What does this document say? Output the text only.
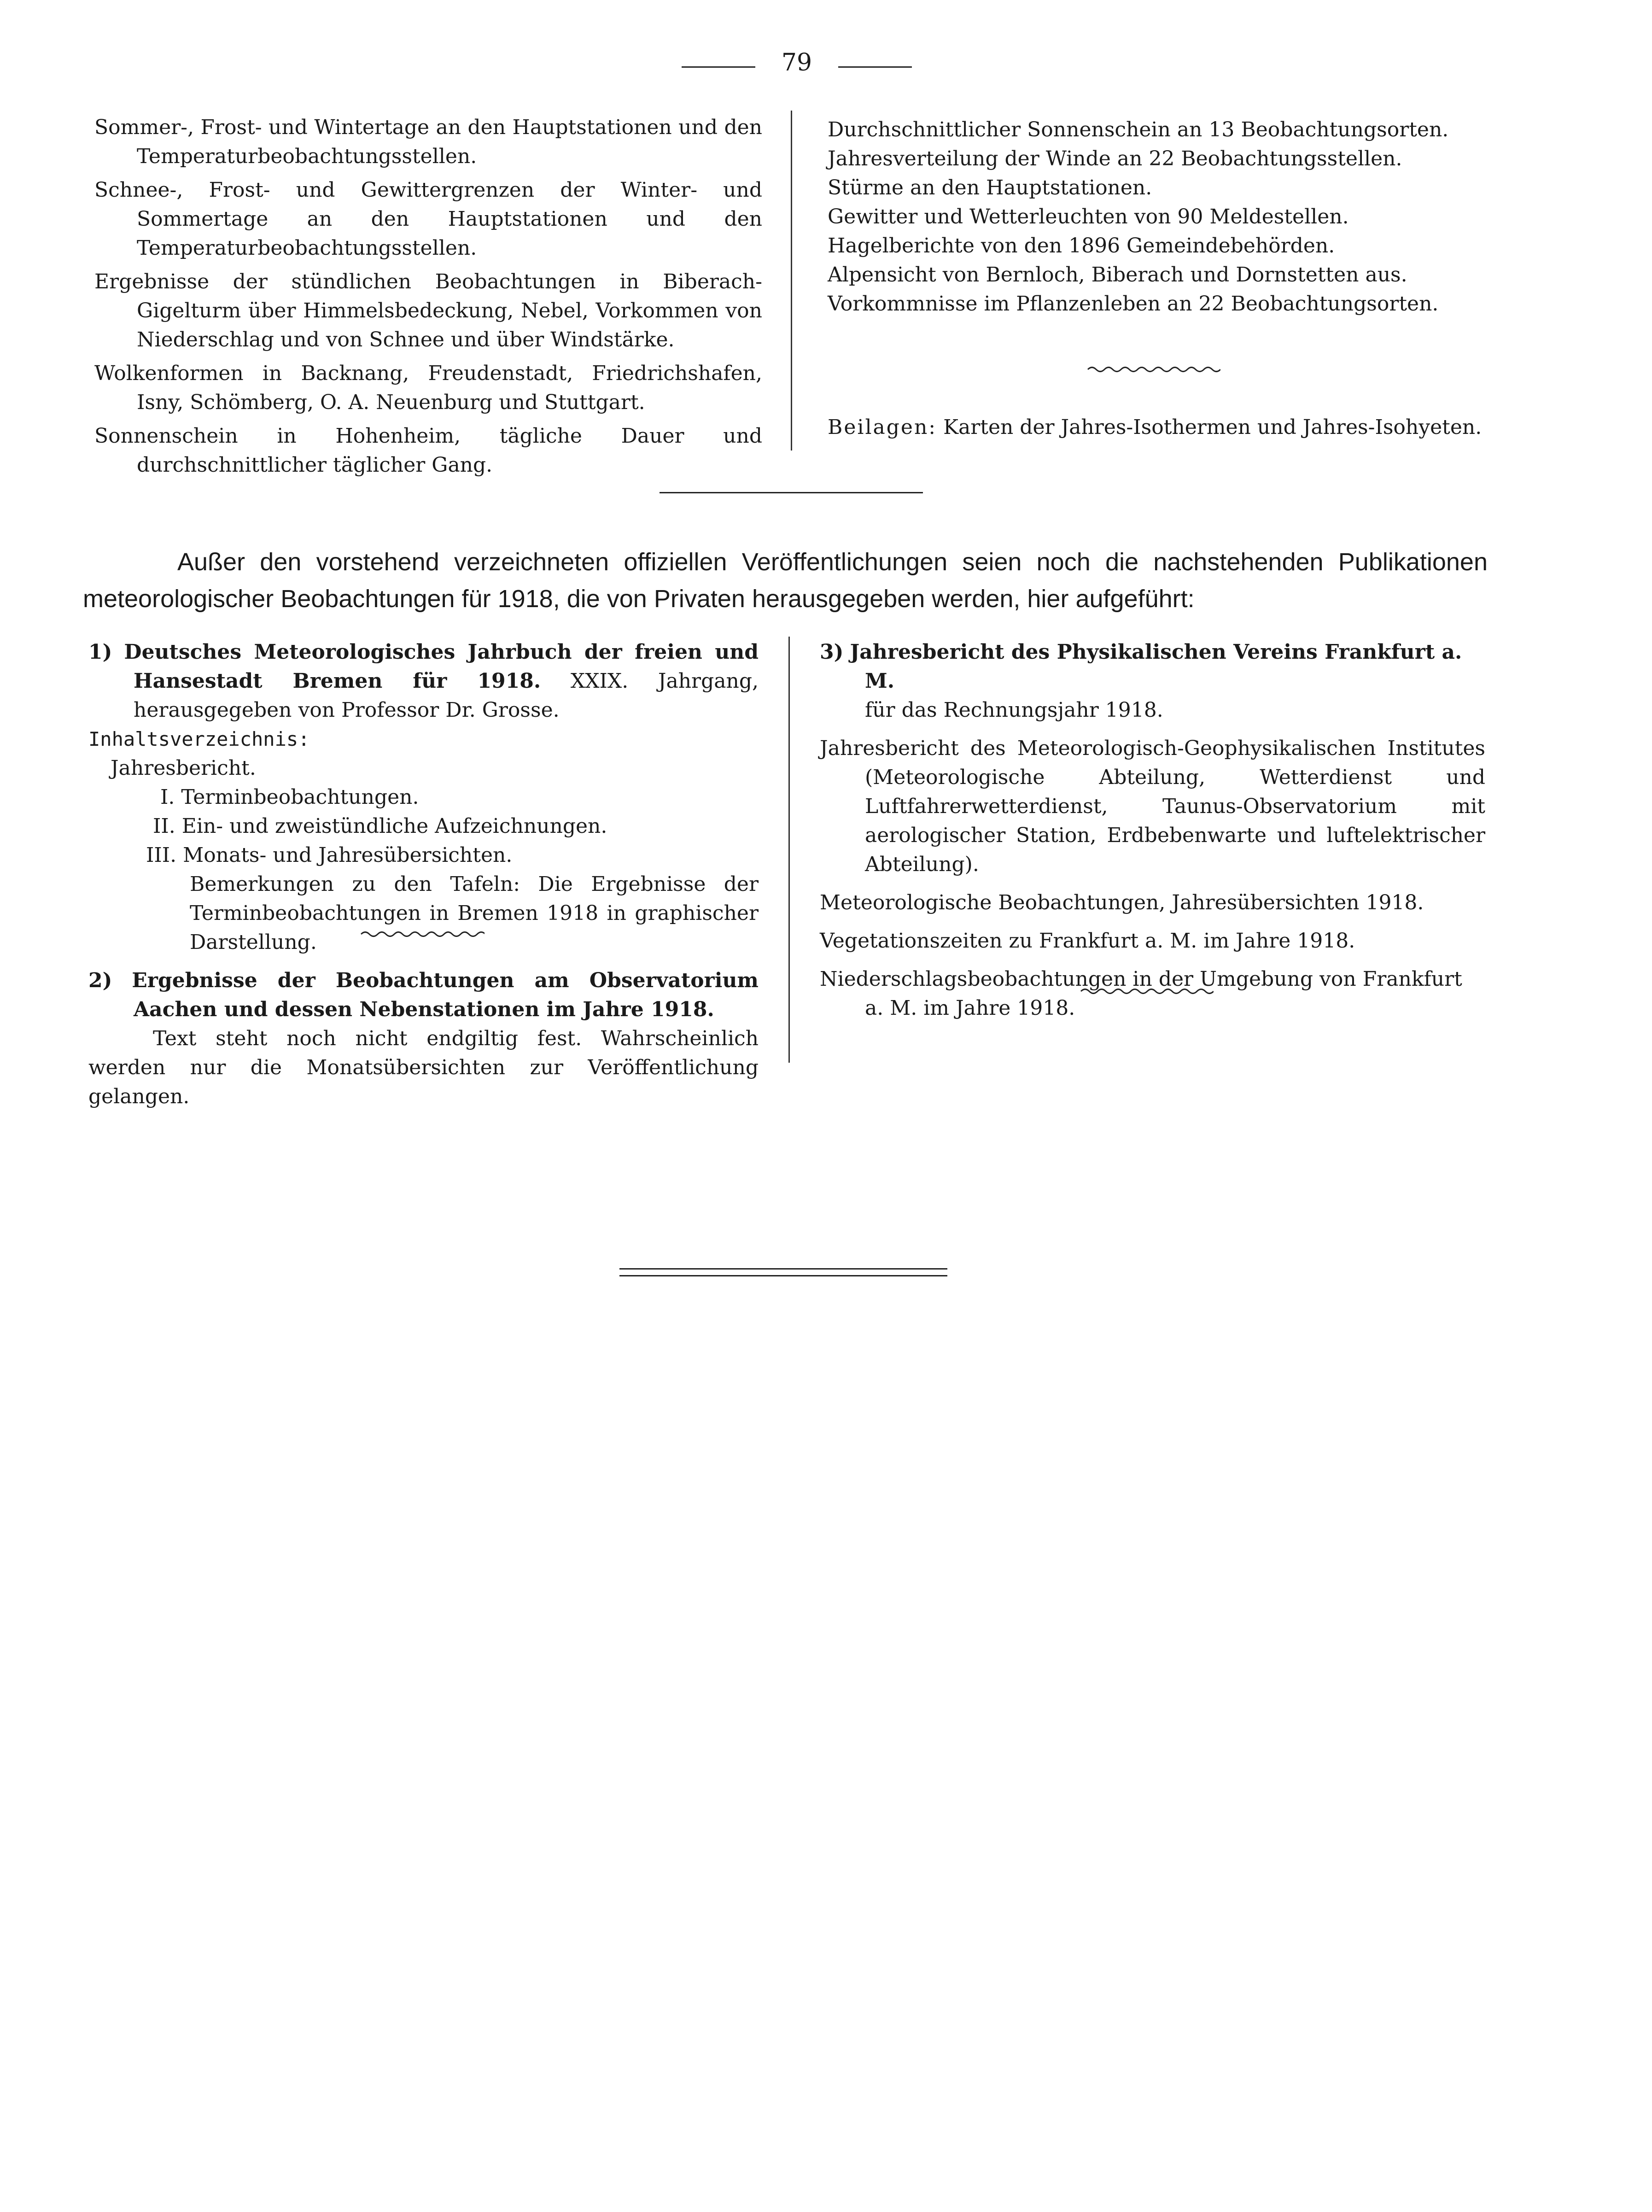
79

Sommer-, Frost- und Wintertage an den Hauptstationen und den Temperaturbeobachtungsstellen.

Schnee-, Frost- und Gewittergrenzen der Winter- und Sommertage an den Hauptstationen und den Temperaturbeobachtungsstellen.

Ergebnisse der stündlichen Beobachtungen in Biberach-Gigelturm über Himmelsbedeckung, Nebel, Vorkommen von Niederschlag und von Schnee und über Windstärke.

Wolkenformen in Backnang, Freudenstadt, Friedrichshafen, Isny, Schömberg, O. A. Neuenburg und Stuttgart.

Sonnenschein in Hohenheim, tägliche Dauer und durchschnittlicher täglicher Gang.

Durchschnittlicher Sonnenschein an 13 Beobachtungsorten.

Jahresverteilung der Winde an 22 Beobachtungsstellen.

Stürme an den Hauptstationen.

Gewitter und Wetterleuchten von 90 Meldestellen.

Hagelberichte von den 1896 Gemeindebehörden.

Alpensicht von Bernloch, Biberach und Dornstetten aus.

Vorkommnisse im Pflanzenleben an 22 Beobachtungsorten.

Beilagen: Karten der Jahres-Isothermen und Jahres-Isohyeten.

Außer den vorstehend verzeichneten offiziellen Veröffentlichungen seien noch die nachstehenden Publikationen meteorologischer Beobachtungen für 1918, die von Privaten herausgegeben werden, hier aufgeführt:

1) Deutsches Meteorologisches Jahrbuch der freien und Hansestadt Bremen für 1918. XXIX. Jahrgang, herausgegeben von Professor Dr. Grosse.

Inhaltsverzeichnis:

Jahresbericht.

I. Terminbeobachtungen.

II. Ein- und zweistündliche Aufzeichnungen.

III. Monats- und Jahresübersichten.

Bemerkungen zu den Tafeln: Die Ergebnisse der Terminbeobachtungen in Bremen 1918 in graphischer Darstellung.

2) Ergebnisse der Beobachtungen am Observatorium Aachen und dessen Nebenstationen im Jahre 1918.

Text steht noch nicht endgiltig fest. Wahrscheinlich werden nur die Monatsübersichten zur Veröffentlichung gelangen.

3) Jahresbericht des Physikalischen Vereins Frankfurt a. M.

für das Rechnungsjahr 1918.

Jahresbericht des Meteorologisch-Geophysikalischen Institutes (Meteorologische Abteilung, Wetterdienst und Luftfahrerwetterdienst, Taunus-Observatorium mit aerologischer Station, Erdbebenwarte und luftelektrischer Abteilung).

Meteorologische Beobachtungen, Jahresübersichten 1918.

Vegetationszeiten zu Frankfurt a. M. im Jahre 1918.

Niederschlagsbeobachtungen in der Umgebung von Frankfurt a. M. im Jahre 1918.
